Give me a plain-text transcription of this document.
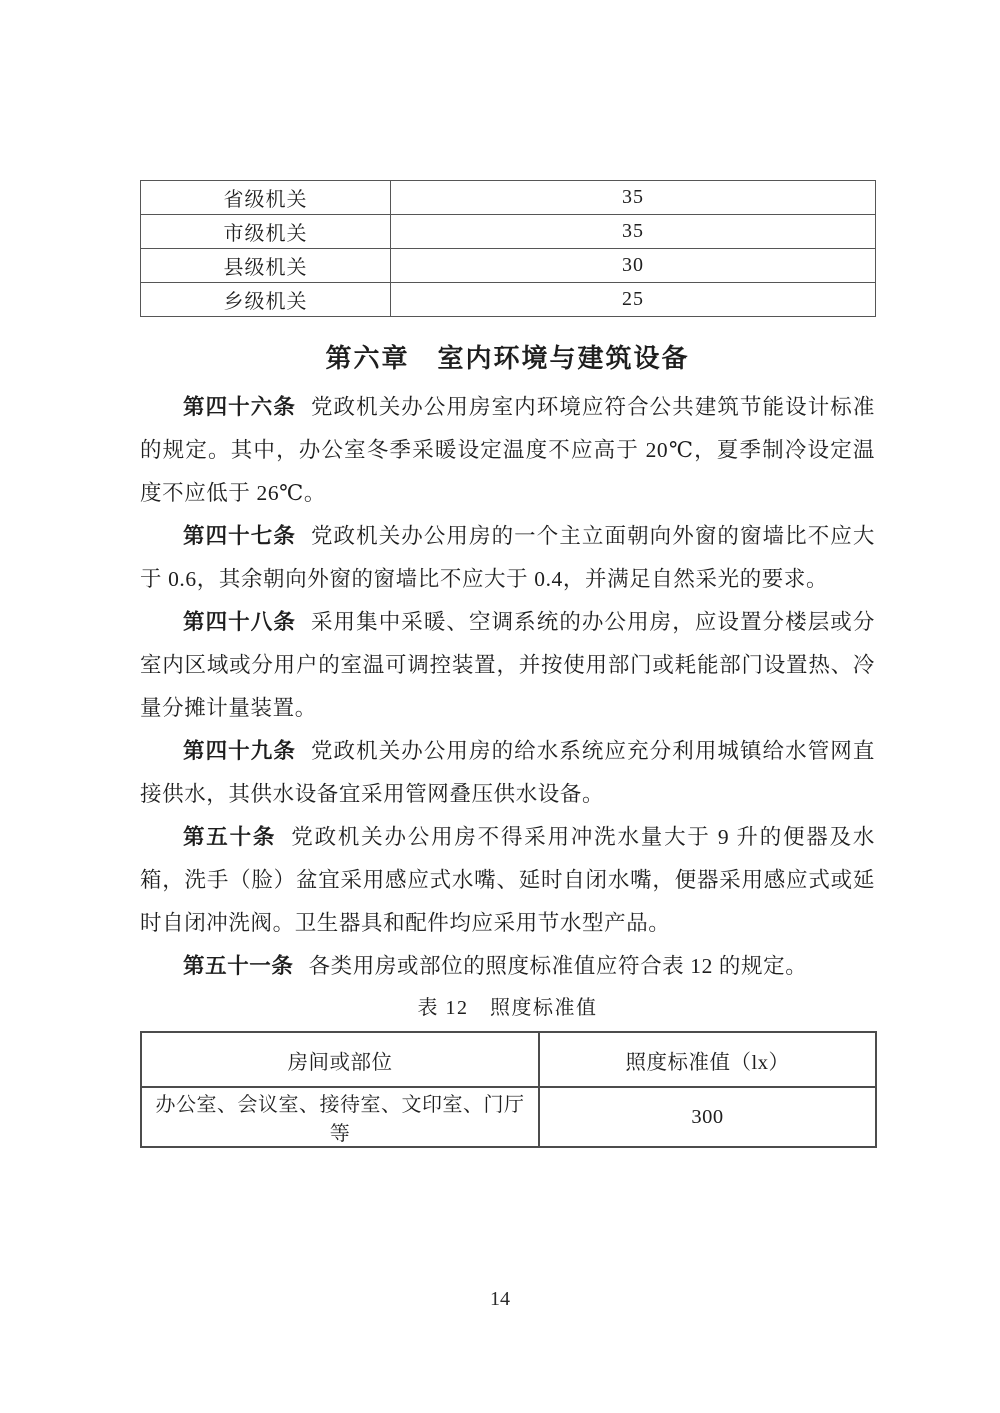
省级机关	35
市级机关	35
县级机关	30
乡级机关	25
第六章　室内环境与建筑设备

第四十六条 党政机关办公用房室内环境应符合公共建筑节能设计标准的规定。其中，办公室冬季采暖设定温度不应高于 20℃，夏季制冷设定温度不应低于 26℃。

第四十七条 党政机关办公用房的一个主立面朝向外窗的窗墙比不应大于 0.6，其余朝向外窗的窗墙比不应大于 0.4，并满足自然采光的要求。

第四十八条 采用集中采暖、空调系统的办公用房，应设置分楼层或分室内区域或分用户的室温可调控装置，并按使用部门或耗能部门设置热、冷量分摊计量装置。

第四十九条 党政机关办公用房的给水系统应充分利用城镇给水管网直接供水，其供水设备宜采用管网叠压供水设备。

第五十条 党政机关办公用房不得采用冲洗水量大于 9 升的便器及水箱，洗手（脸）盆宜采用感应式水嘴、延时自闭水嘴，便器采用感应式或延时自闭冲洗阀。卫生器具和配件均应采用节水型产品。

第五十一条 各类用房或部位的照度标准值应符合表 12 的规定。

表 12　照度标准值
房间或部位	照度标准值（lx）
办公室、会议室、接待室、文印室、门厅等	300
14
